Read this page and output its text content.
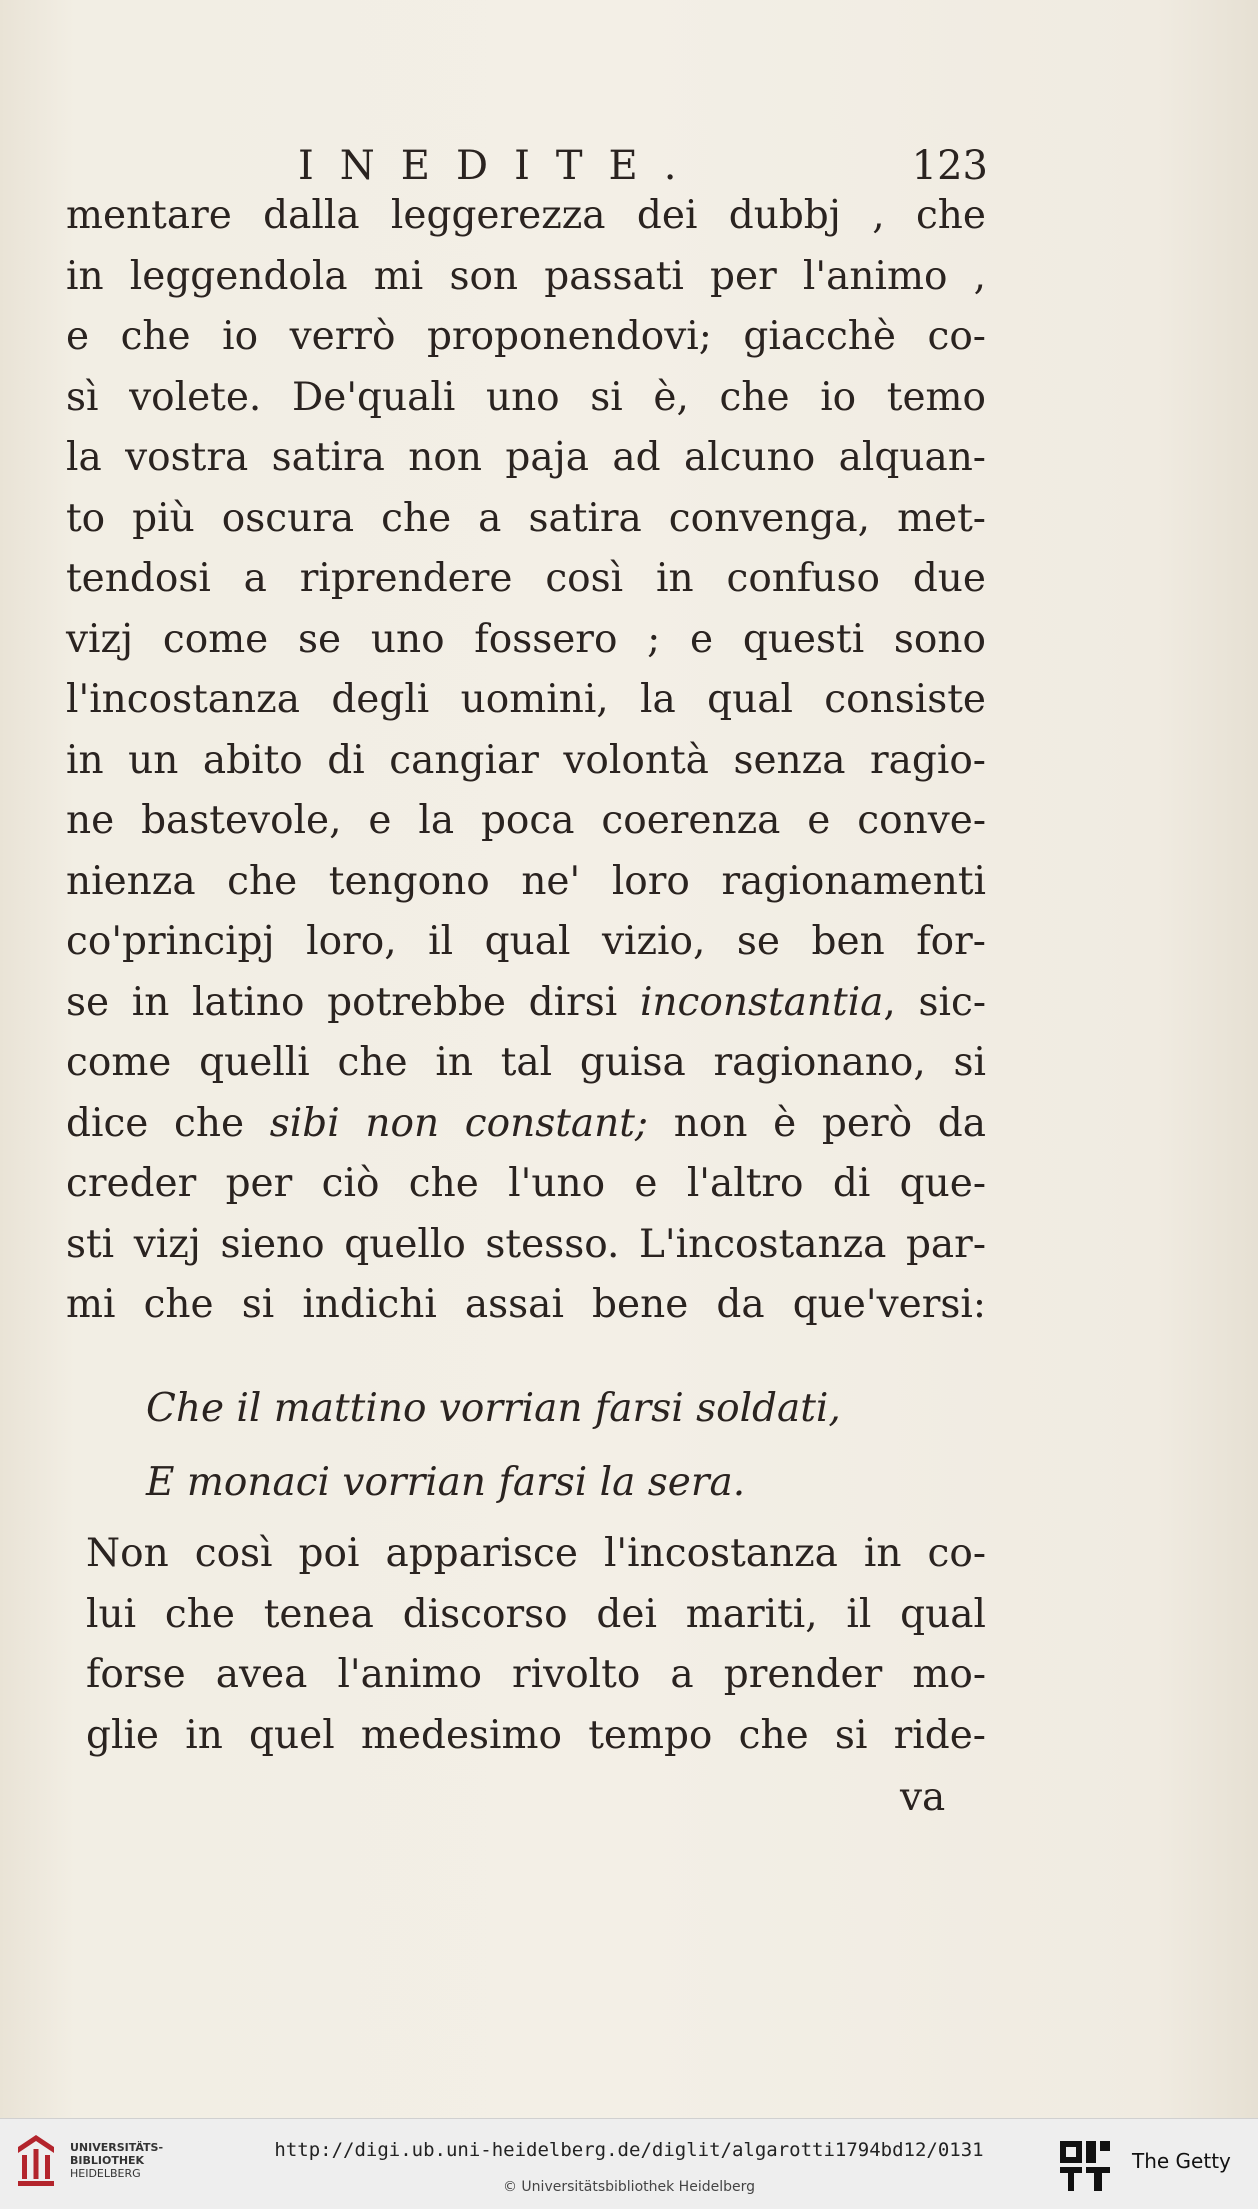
INEDITE.	123
mentare dalla leggerezza dei dubbj , che
in leggendola mi son passati per l'animo ,
e che io verrò proponendovi; giacchè co-
sì volete. De'quali uno si è, che io temo
la vostra satira non paja ad alcuno alquan-
to più oscura che a satira convenga, met-
tendosi a riprendere così in confuso due
vizj come se uno fossero ; e questi sono
l'incostanza degli uomini, la qual consiste
in un abito di cangiar volontà senza ragio-
ne bastevole, e la poca coerenza e conve-
nienza che tengono ne' loro ragionamenti
co'principj loro, il qual vizio, se ben for-
se in latino potrebbe dirsi inconstantia, sic-
come quelli che in tal guisa ragionano, si
dice che sibi non constant; non è però da
creder per ciò che l'uno e l'altro di que-
sti vizj sieno quello stesso. L'incostanza par-
mi che si indichi assai bene da que'versi:
Che il mattino vorrian farsi soldati,
E monaci vorrian farsi la sera.
Non così poi apparisce l'incostanza in co-
lui che tenea discorso dei mariti, il qual
forse avea l'animo rivolto a prender mo-
glie in quel medesimo tempo che si ride-
va
UNIVERSITÄTS-
BIBLIOTHEK
HEIDELBERG
http://digi.ub.uni-heidelberg.de/diglit/algarotti1794bd12/0131
© Universitätsbibliothek Heidelberg
The Getty
